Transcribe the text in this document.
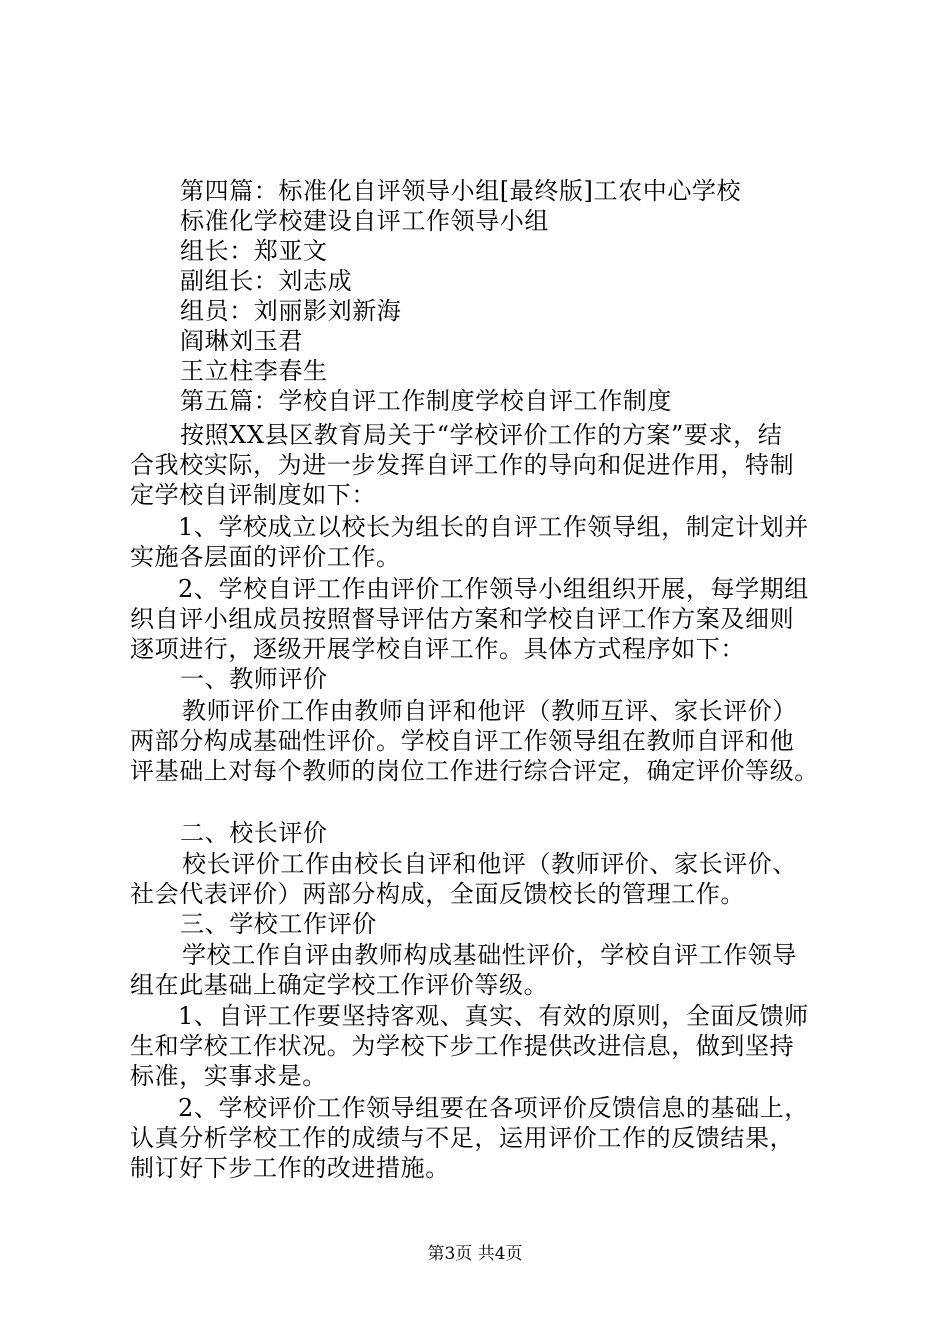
第四篇：标准化自评领导小组[最终版]工农中心学校
标准化学校建设自评工作领导小组
组长：郑亚文
副组长：刘志成
组员：刘丽影刘新海
阎琳刘玉君
王立柱李春生
第五篇：学校自评工作制度学校自评工作制度
按照XX县区教育局关于“学校评价工作的方案”要求，结
合我校实际，为进一步发挥自评工作的导向和促进作用，特制
定学校自评制度如下：
1、学校成立以校长为组长的自评工作领导组，制定计划并
实施各层面的评价工作。
2、学校自评工作由评价工作领导小组组织开展，每学期组
织自评小组成员按照督导评估方案和学校自评工作方案及细则
逐项进行，逐级开展学校自评工作。具体方式程序如下：
一、教师评价
教师评价工作由教师自评和他评（教师互评、家长评价）
两部分构成基础性评价。学校自评工作领导组在教师自评和他
评基础上对每个教师的岗位工作进行综合评定，确定评价等级。
二、校长评价
校长评价工作由校长自评和他评（教师评价、家长评价、
社会代表评价）两部分构成，全面反馈校长的管理工作。
三、学校工作评价
学校工作自评由教师构成基础性评价，学校自评工作领导
组在此基础上确定学校工作评价等级。
1、自评工作要坚持客观、真实、有效的原则，全面反馈师
生和学校工作状况。为学校下步工作提供改进信息，做到坚持
标准，实事求是。
2、学校评价工作领导组要在各项评价反馈信息的基础上，
认真分析学校工作的成绩与不足，运用评价工作的反馈结果，
制订好下步工作的改进措施。
第3页 共4页
